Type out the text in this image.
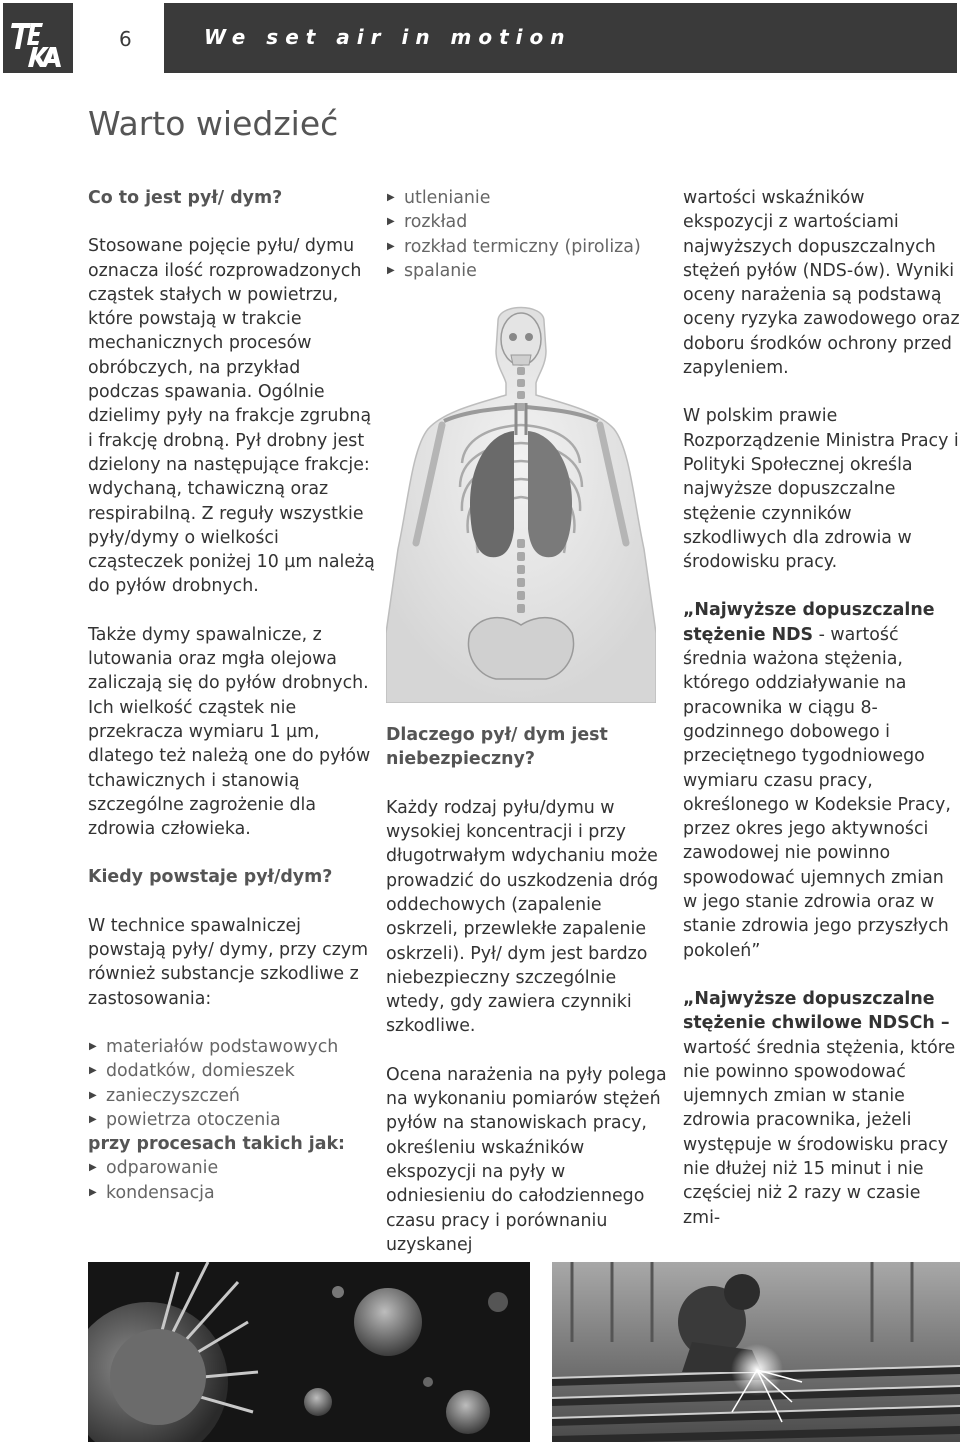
6	We set air in motion
Warto wiedzieć
Co to jest pył/ dym?

Stosowane pojęcie pyłu/ dymu oznacza ilość rozprowadzonych cząstek stałych w powietrzu, które powstają w trakcie mechanicznych procesów obróbczych, na przykład podczas spawania. Ogólnie dzielimy pyły na frakcje zgrubną i frakcję drobną. Pył drobny jest dzielony na następujące frakcje: wdychaną, tchawiczną oraz respirabilną. Z reguły wszystkie pyły/dymy o wielkości cząsteczek poniżej 10 µm należą do pyłów drobnych.

Także dymy spawalnicze, z lutowania oraz mgła olejowa zaliczają się do pyłów drobnych. Ich wielkość cząstek nie przekracza wymiaru 1 µm, dlatego też należą one do pyłów tchawicznych i stanowią szczególne zagrożenie dla zdrowia człowieka.

Kiedy powstaje pył/dym?

W technice spawalniczej powstają pyły/ dymy, przy czym również substancje szkodliwe z zastosowania:

▶ materiałów podstawowych
▶ dodatków, domieszek
▶ zanieczyszczeń
▶ powietrza otoczenia
przy procesach takich jak:
▶ odparowanie
▶ kondensacja
▶ utlenianie
▶ rozkład
▶ rozkład termiczny (piroliza)
▶ spalanie
Dlaczego pył/ dym jest niebezpieczny?

Każdy rodzaj pyłu/dymu w wysokiej koncentracji i przy długotrwałym wdychaniu może prowadzić do uszkodzenia dróg oddechowych (zapalenie oskrzeli, przewlekłe zapalenie oskrzeli). Pył/ dym jest bardzo niebezpieczny szczególnie wtedy, gdy zawiera czynniki szkodliwe.

Ocena narażenia na pyły polega na wykonaniu pomiarów stężeń pyłów na stanowiskach pracy, określeniu wskaźników ekspozycji na pyły w odniesieniu do całodziennego czasu pracy i porównaniu uzyskanej

wartości wskaźników ekspozycji z wartościami najwyższych dopuszczalnych stężeń pyłów (NDS-ów). Wyniki oceny narażenia są podstawą oceny ryzyka zawodowego oraz doboru środków ochrony przed zapyleniem.

W polskim prawie Rozporządzenie Ministra Pracy i Polityki Społecznej określa najwyższe dopuszczalne stężenie czynników szkodliwych dla zdrowia w środowisku pracy.

„Najwyższe dopuszczalne stężenie NDS - wartość średnia ważona stężenia, którego oddziaływanie na pracownika w ciągu 8-godzinnego dobowego i przeciętnego tygodniowego wymiaru czasu pracy, określonego w Kodeksie Pracy, przez okres jego aktywności zawodowej nie powinno spowodować ujemnych zmian w jego stanie zdrowia oraz w stanie zdrowia jego przyszłych pokoleń”

„Najwyższe dopuszczalne stężenie chwilowe NDSCh – wartość średnia stężenia, które nie powinno spowodować ujemnych zmian w stanie zdrowia pracownika, jeżeli występuje w środowisku pracy nie dłużej niż 15 minut i nie częściej niż 2 razy w czasie zmi-
